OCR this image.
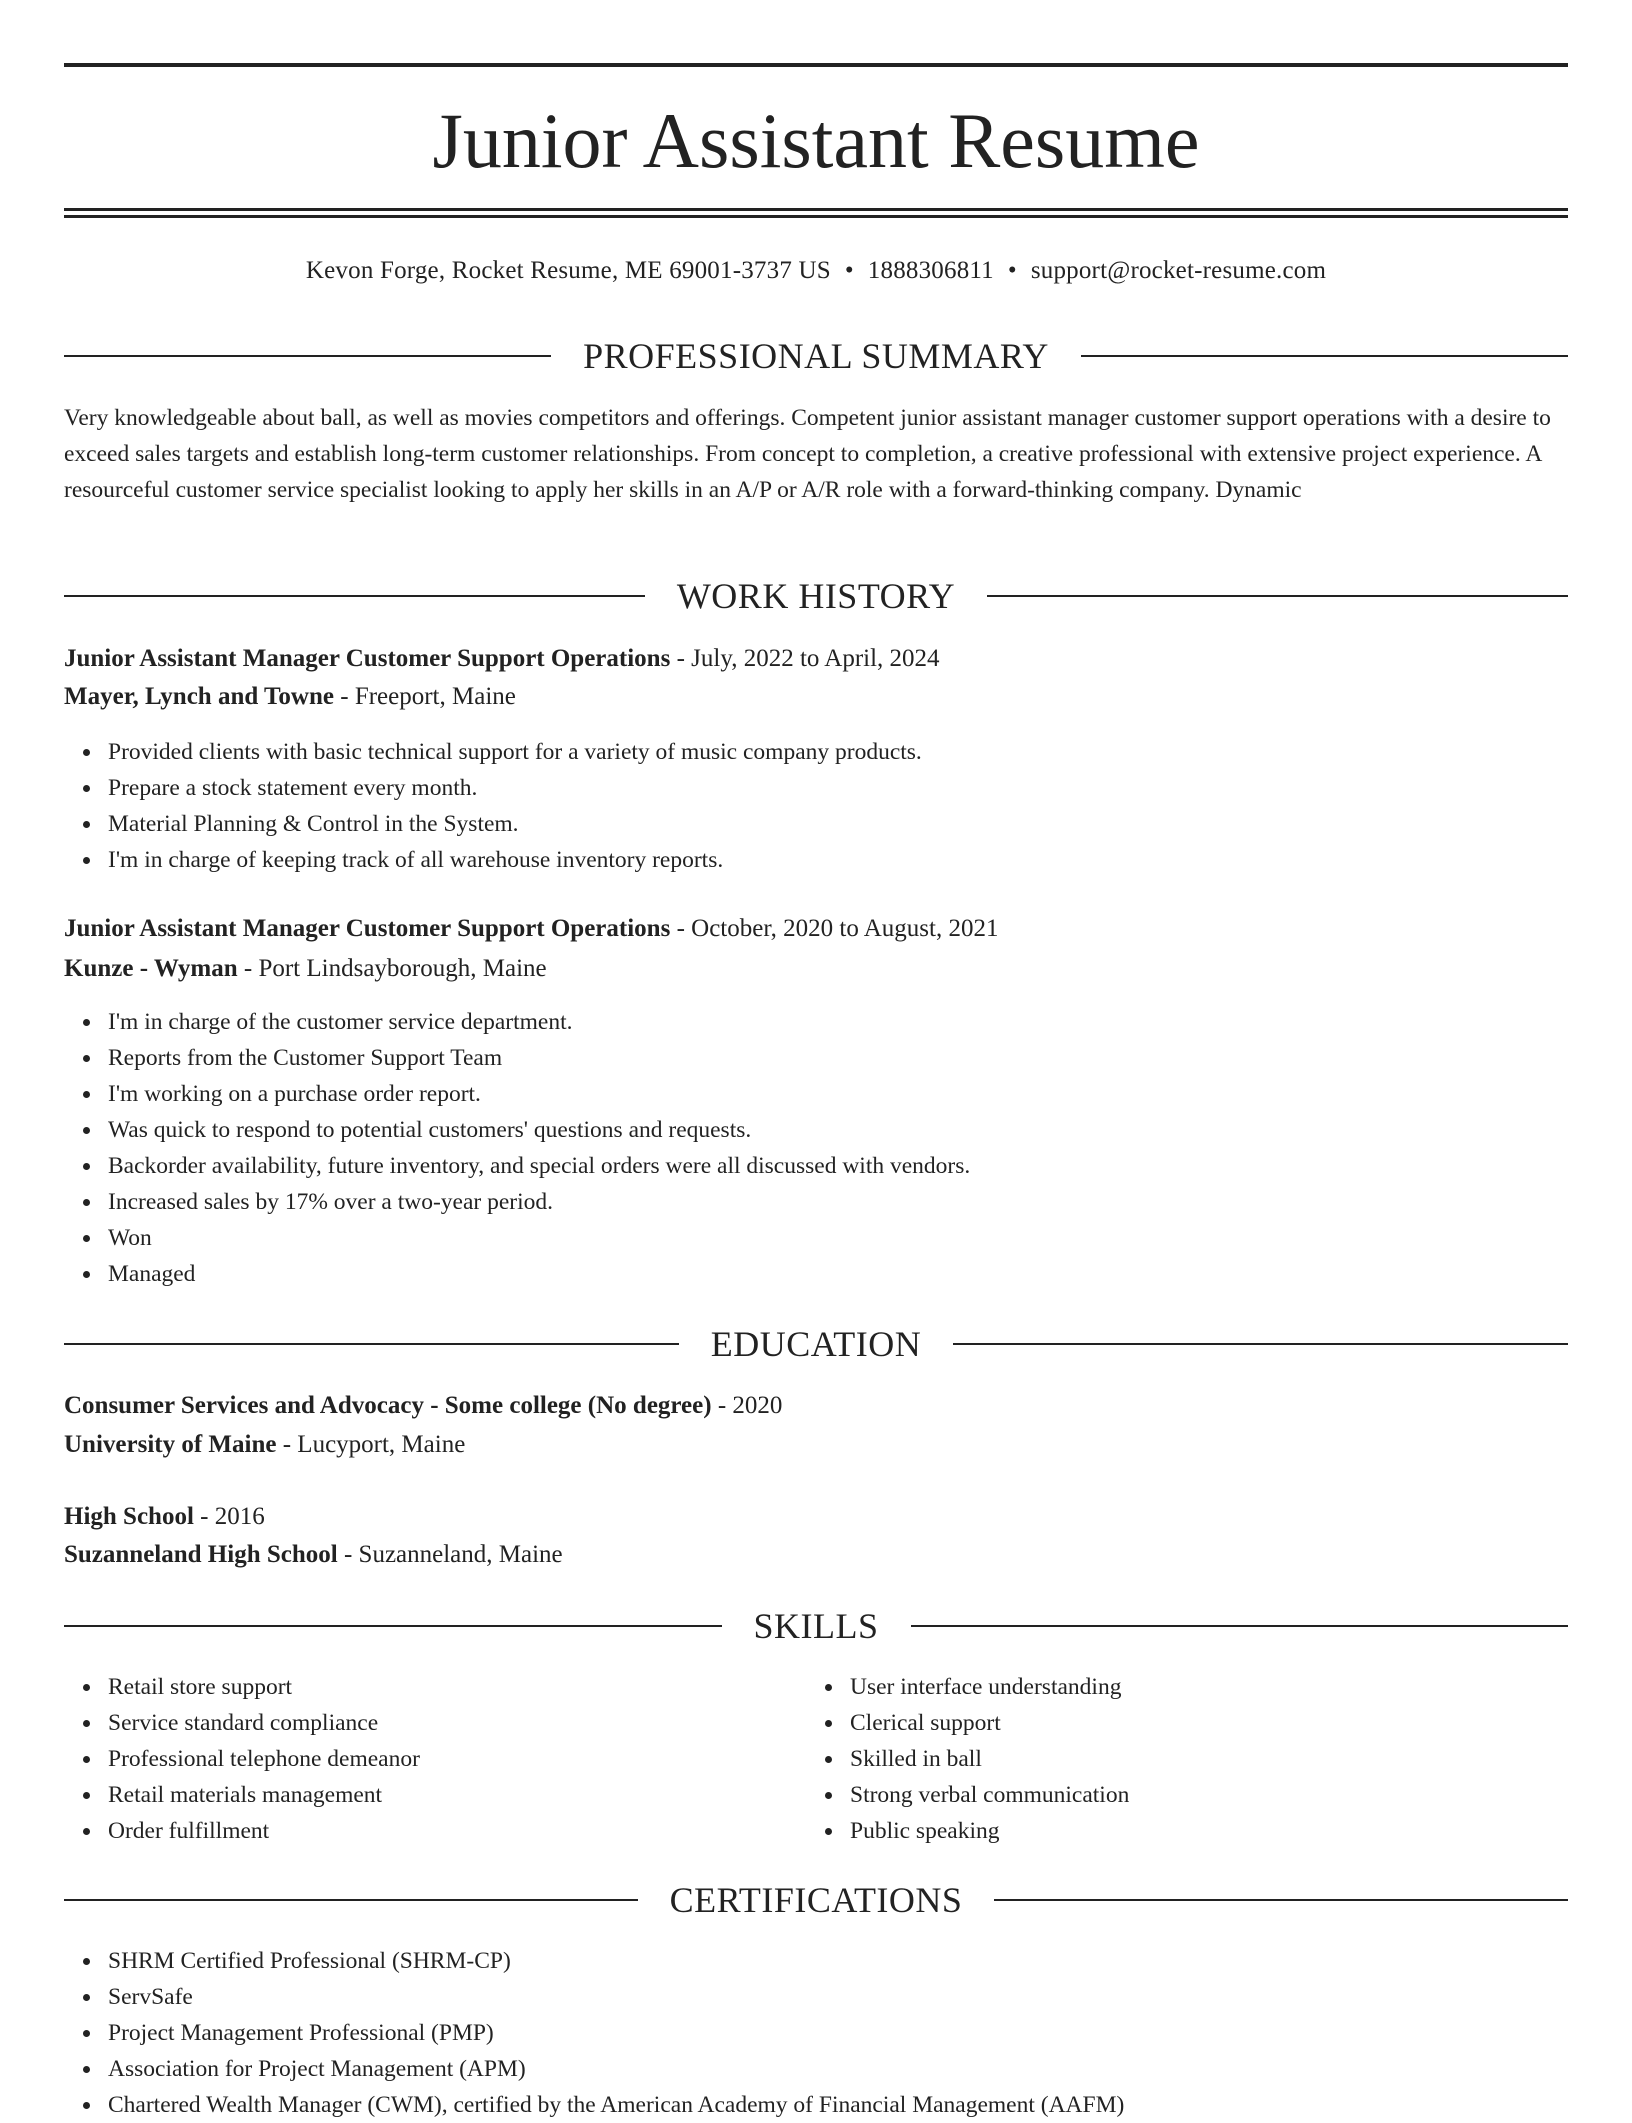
Junior Assistant Resume
Kevon Forge, Rocket Resume, ME 69001-3737 US • 1888306811 • support@rocket-resume.com
PROFESSIONAL SUMMARY

Very knowledgeable about ball, as well as movies competitors and offerings. Competent junior assistant manager customer support operations with a desire to exceed sales targets and establish long-term customer relationships. From concept to completion, a creative professional with extensive project experience. A resourceful customer service specialist looking to apply her skills in an A/P or A/R role with a forward-thinking company. Dynamic

WORK HISTORY
Junior Assistant Manager Customer Support Operations - July, 2022 to April, 2024
Mayer, Lynch and Towne - Freeport, Maine
Provided clients with basic technical support for a variety of music company products.
Prepare a stock statement every month.
Material Planning & Control in the System.
I'm in charge of keeping track of all warehouse inventory reports.
Junior Assistant Manager Customer Support Operations - October, 2020 to August, 2021
Kunze - Wyman - Port Lindsayborough, Maine
I'm in charge of the customer service department.
Reports from the Customer Support Team
I'm working on a purchase order report.
Was quick to respond to potential customers' questions and requests.
Backorder availability, future inventory, and special orders were all discussed with vendors.
Increased sales by 17% over a two-year period.
Won
Managed
EDUCATION
Consumer Services and Advocacy - Some college (No degree) - 2020
University of Maine - Lucyport, Maine
High School - 2016
Suzanneland High School - Suzanneland, Maine
SKILLS
Retail store support
Service standard compliance
Professional telephone demeanor
Retail materials management
Order fulfillment
User interface understanding
Clerical support
Skilled in ball
Strong verbal communication
Public speaking
CERTIFICATIONS
SHRM Certified Professional (SHRM-CP)
ServSafe
Project Management Professional (PMP)
Association for Project Management (APM)
Chartered Wealth Manager (CWM), certified by the American Academy of Financial Management (AAFM)
